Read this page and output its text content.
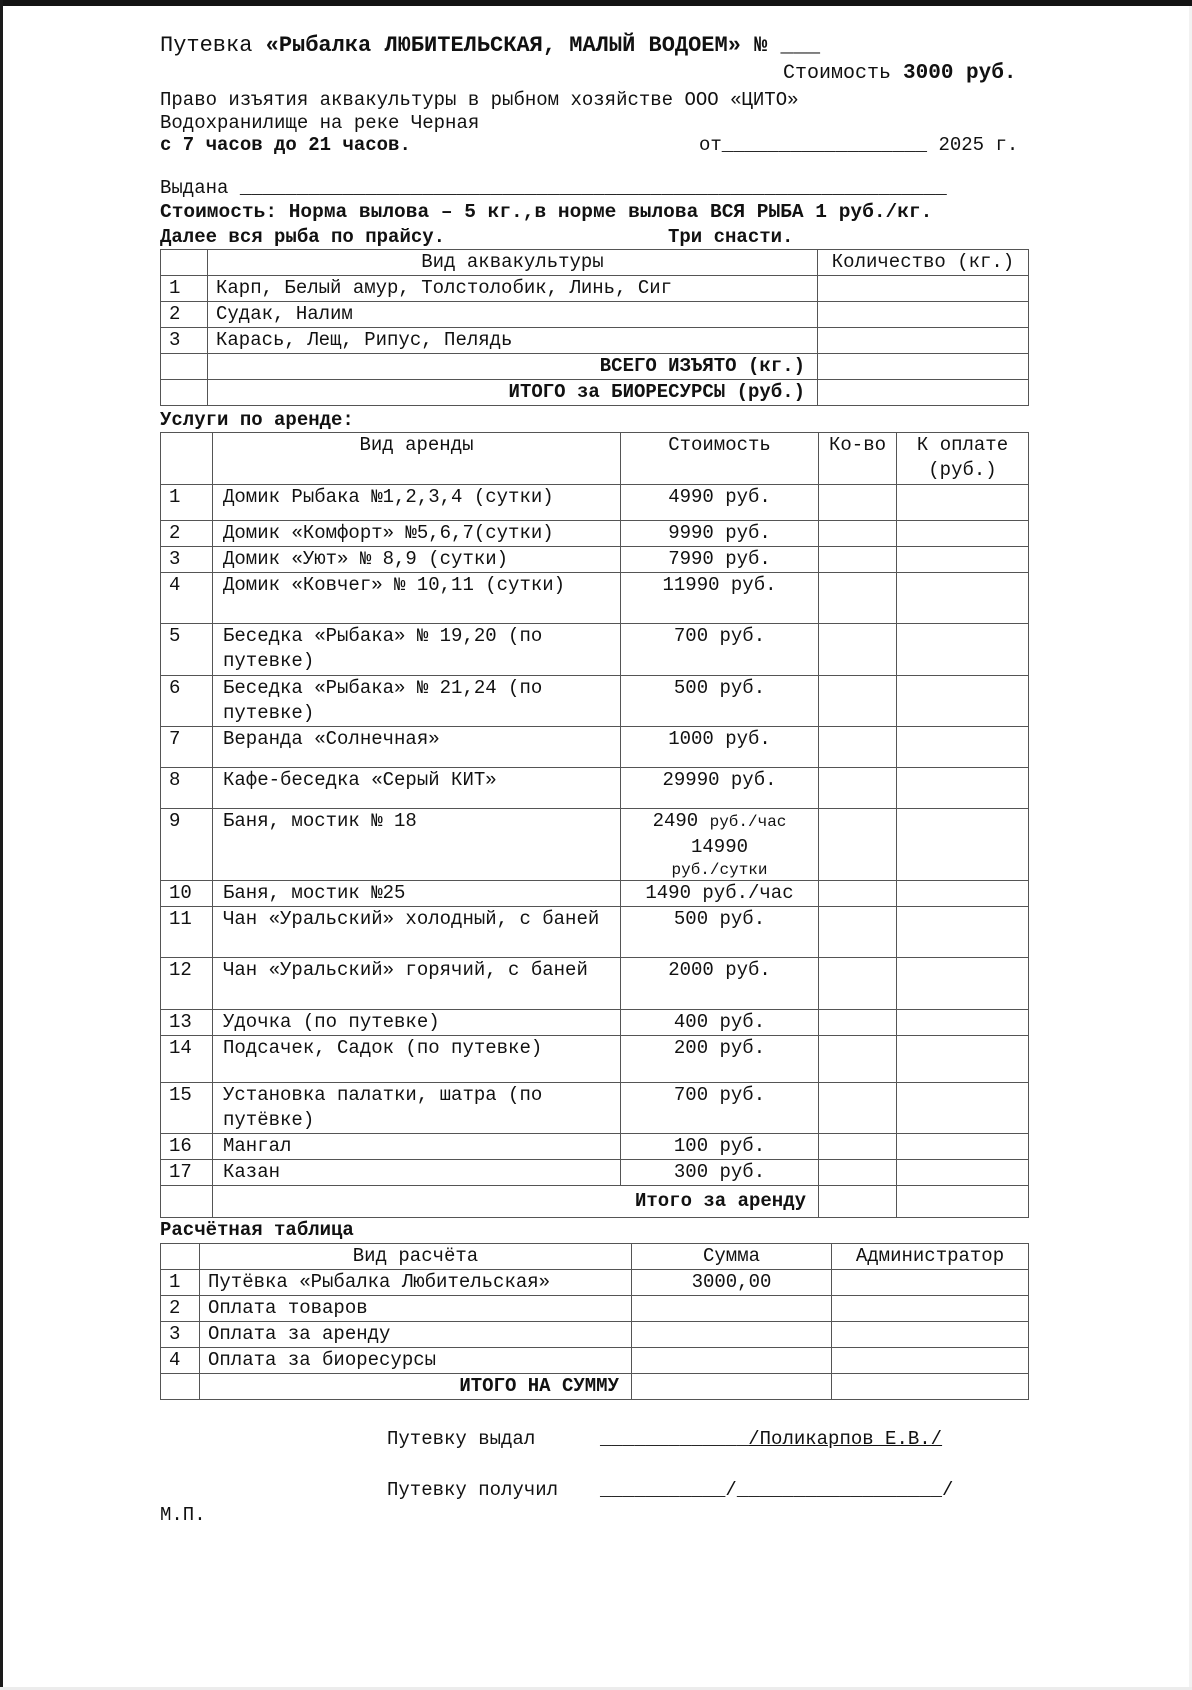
Путевка «Рыбалка ЛЮБИТЕЛЬСКАЯ, МАЛЫЙ ВОДОЕМ» № ___
Стоимость 3000 руб.
Право изъятия аквакультуры в рыбном хозяйстве ООО «ЦИТО»
Водохранилище на реке Черная
с 7 часов до 21 часов.	от__________________ 2025 г.
Выдана ______________________________________________________________
Стоимость: Норма вылова – 5 кг.,в норме вылова ВСЯ РЫБА 1 руб./кг.
Далее вся рыба по прайсу.	Три снасти.
	Вид аквакультуры	Количество (кг.)
1	Карп, Белый амур, Толстолобик, Линь, Сиг	
2	Судак, Налим	
3	Карась, Лещ, Рипус, Пелядь	
	ВСЕГО ИЗЪЯТО (кг.)	
	ИТОГО за БИОРЕСУРСЫ (руб.)	
Услуги по аренде:
	Вид аренды	Стоимость	Ко-во	К оплате (руб.)
1	Домик Рыбака №1,2,3,4 (сутки)	4990 руб.		
2	Домик «Комфорт» №5,6,7(сутки)	9990 руб.		
3	Домик «Уют» № 8,9 (сутки)	7990 руб.		
4	Домик «Ковчег» № 10,11 (сутки)	11990 руб.		
5	Беседка «Рыбака» № 19,20 (по путевке)	700 руб.		
6	Беседка «Рыбака» № 21,24 (по путевке)	500 руб.		
7	Веранда «Солнечная»	1000 руб.		
8	Кафе-беседка «Серый КИТ»	29990 руб.		
9	Баня, мостик № 18	2490 руб./час
14990
руб./сутки		

10	Баня, мостик №25	1490 руб./час		
11	Чан «Уральский» холодный, с баней	500 руб.		
12	Чан «Уральский» горячий, с баней	2000 руб.		
13	Удочка (по путевке)	400 руб.		
14	Подсачек, Садок (по путевке)	200 руб.		
15	Установка палатки, шатра (по путёвке)	700 руб.		
16	Мангал	100 руб.		
17	Казан	300 руб.		
	Итого за аренду			
Расчётная таблица
	Вид расчёта	Сумма	Администратор
1	Путёвка «Рыбалка Любительская»	3000,00	
2	Оплата товаров		
3	Оплата за аренду		
4	Оплата за биоресурсы		
	ИТОГО НА СУММУ		
Путевку выдал	_____________/Поликарпов Е.В./
Путевку получил ___________/__________________/
М.П.
